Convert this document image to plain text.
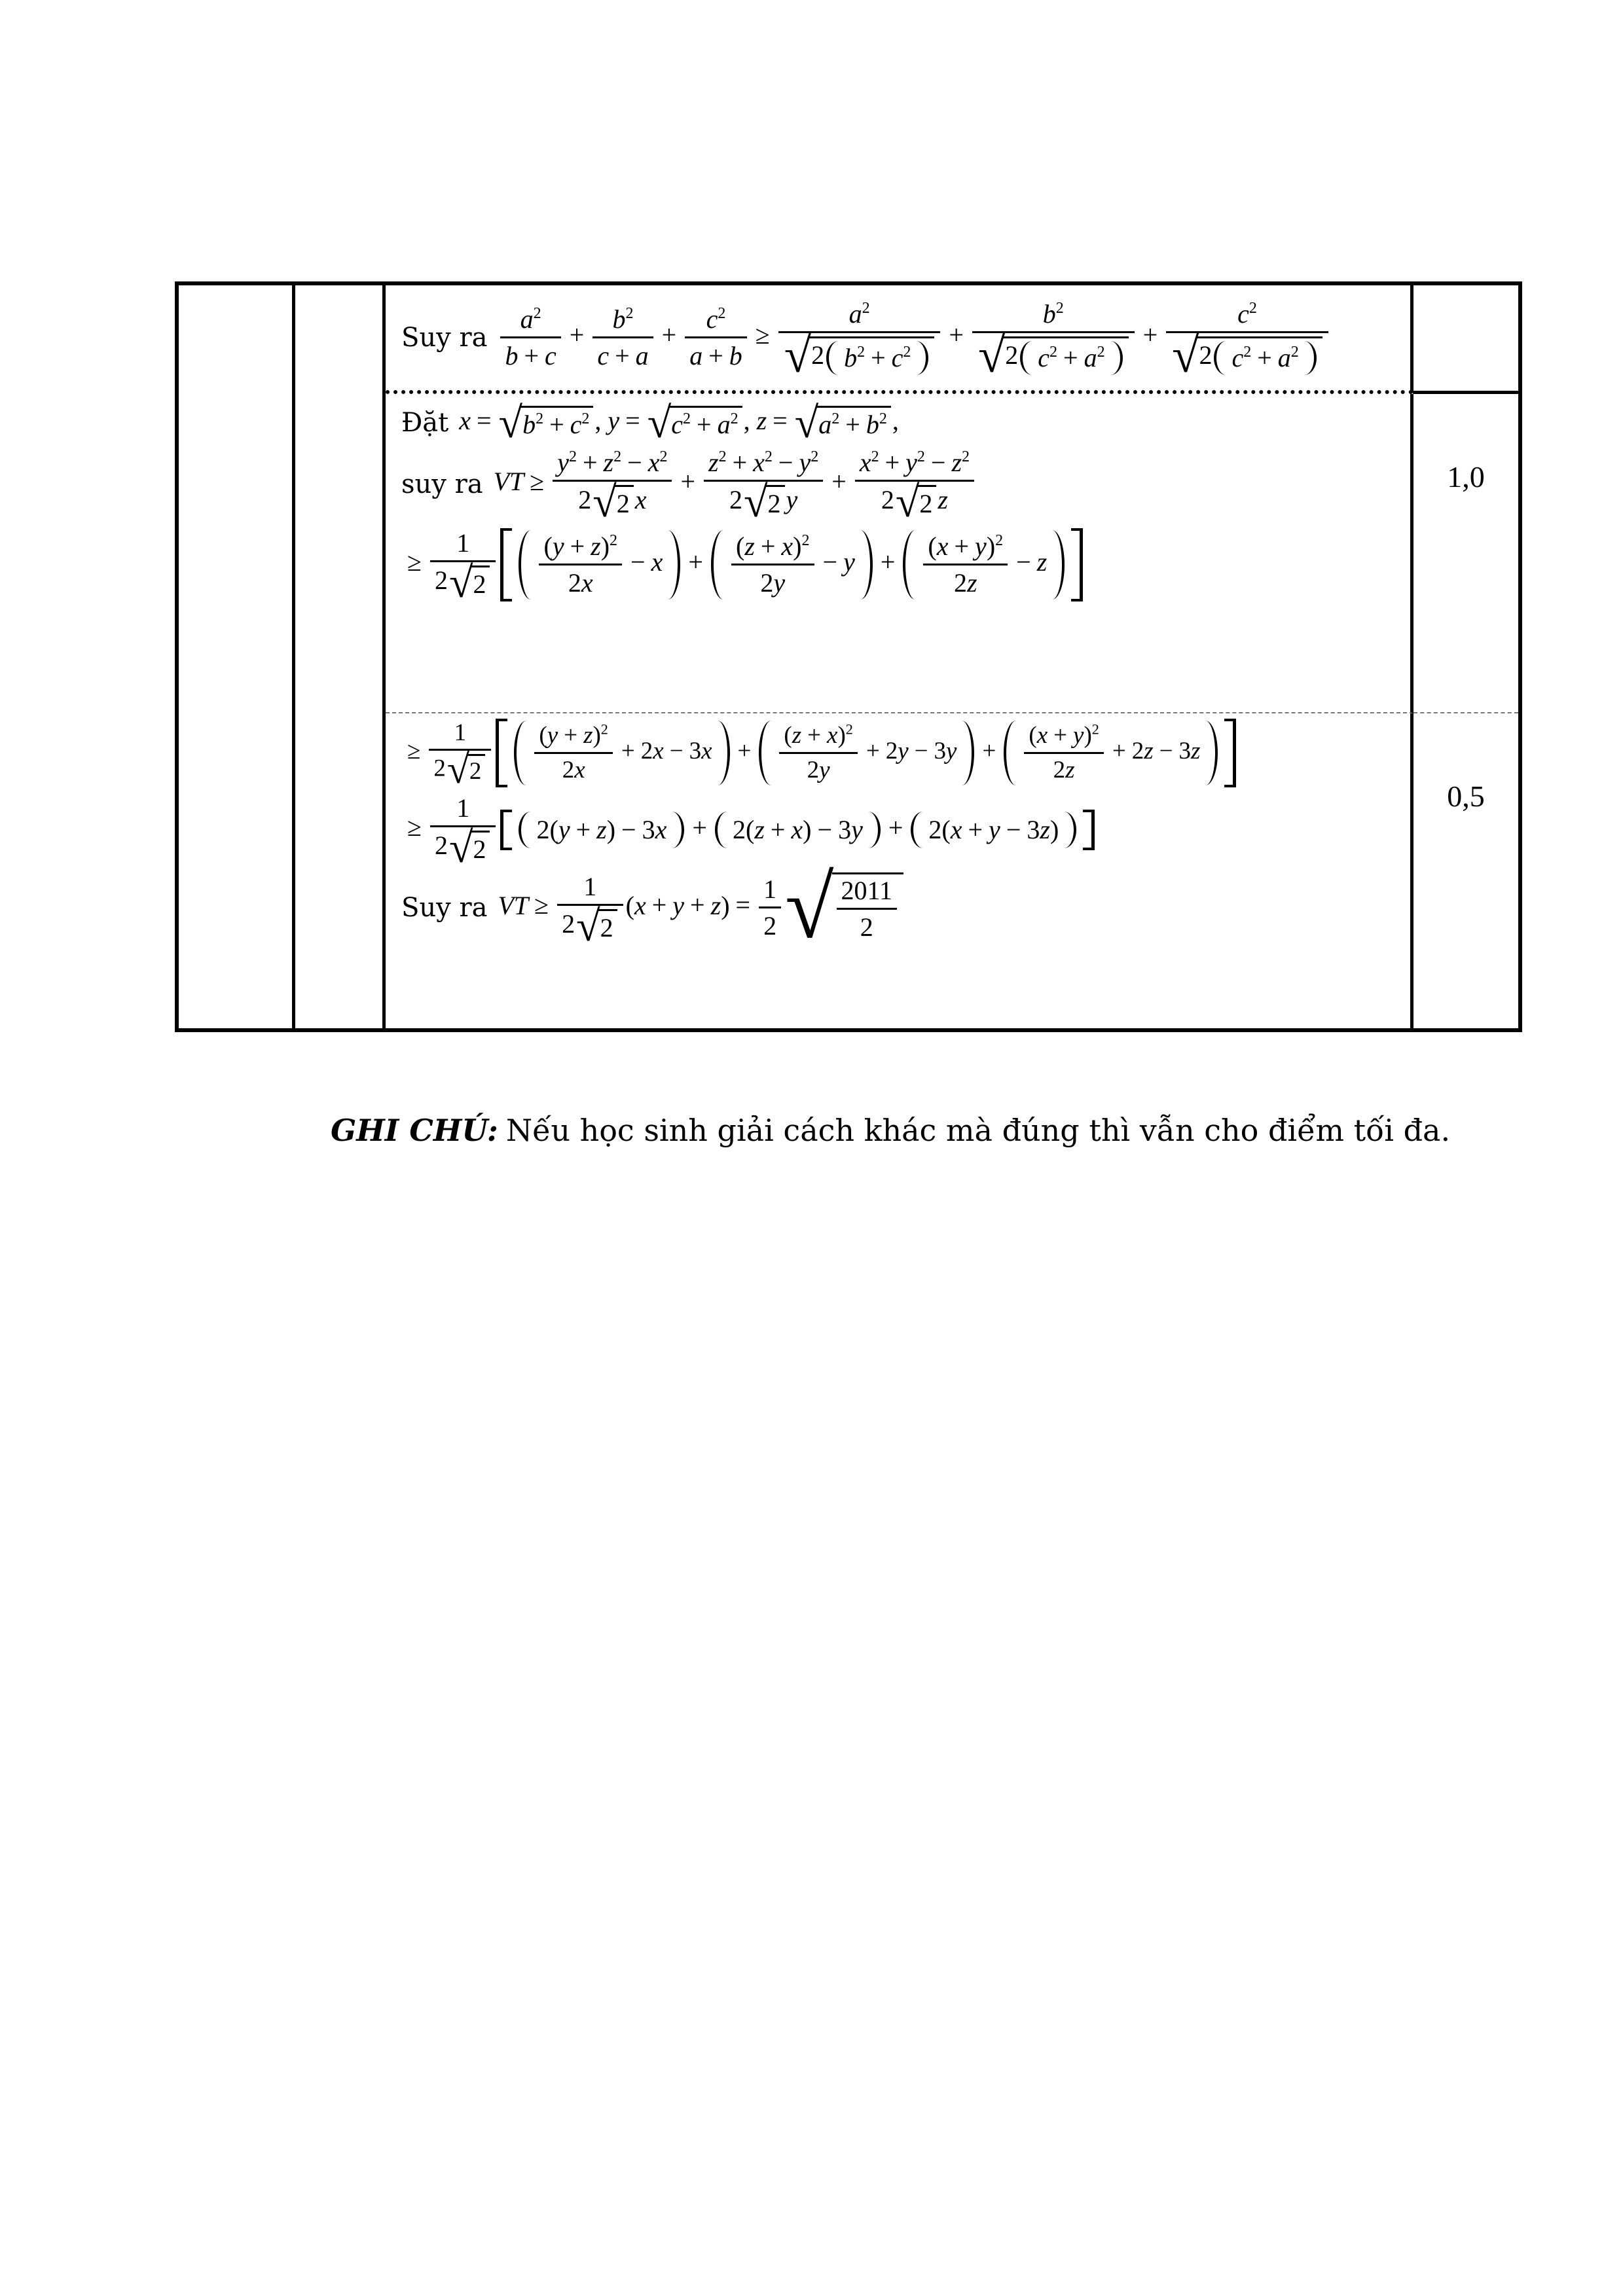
Suy ra $\frac{a^2}{b + c} + \frac{b^2}{c + a} + \frac{c^2}{a + b} \ge \frac{a^2}{√ 2 b^2 + c^2} + \frac{b^2}{√ 2 c^2 + a^2} + \frac{c^2}{√ 2 c^2 + a^2}$
Đặt x = √ $b^2 + c^2$ , y = √ $c^2 + a^2$ , z = √ $a^2 + b^2$ ,
suy ra VT ≥ $\frac{y^2 + z^2 - x^2}{2 √ 2 x} + \frac{z^2 + x^2 - y^2}{2 √ 2 y} + \frac{x^2 + y^2 - z^2}{2 √ 2 z}$
≥ $\frac{1}{2 √ 2} \frac{(y + z)^2}{2x} - x + \frac{(z + x)^2}{2y} - y + \frac{(x + y)^2}{2z} - z$
1,0
≥ $\frac{1}{2 √ 2} \frac{(y + z)^2}{2x} + 2x - 3x + \frac{(z + x)^2}{2y} + 2y - 3y + \frac{(x + y)^2}{2z} + 2z - 3z$
≥ $\frac{1}{2 √ 2} 2(y + z) - 3x + 2(z + x) - 3y + 2(x + y - 3z)$
Suy ra VT ≥ $\frac{1}{2 √ 2} (x + y + z) = \frac{1}{2}$ √ $\frac{2011}{2}$
0,5
GHI CHÚ: Nếu học sinh giải cách khác mà đúng thì vẫn cho điểm tối đa.
